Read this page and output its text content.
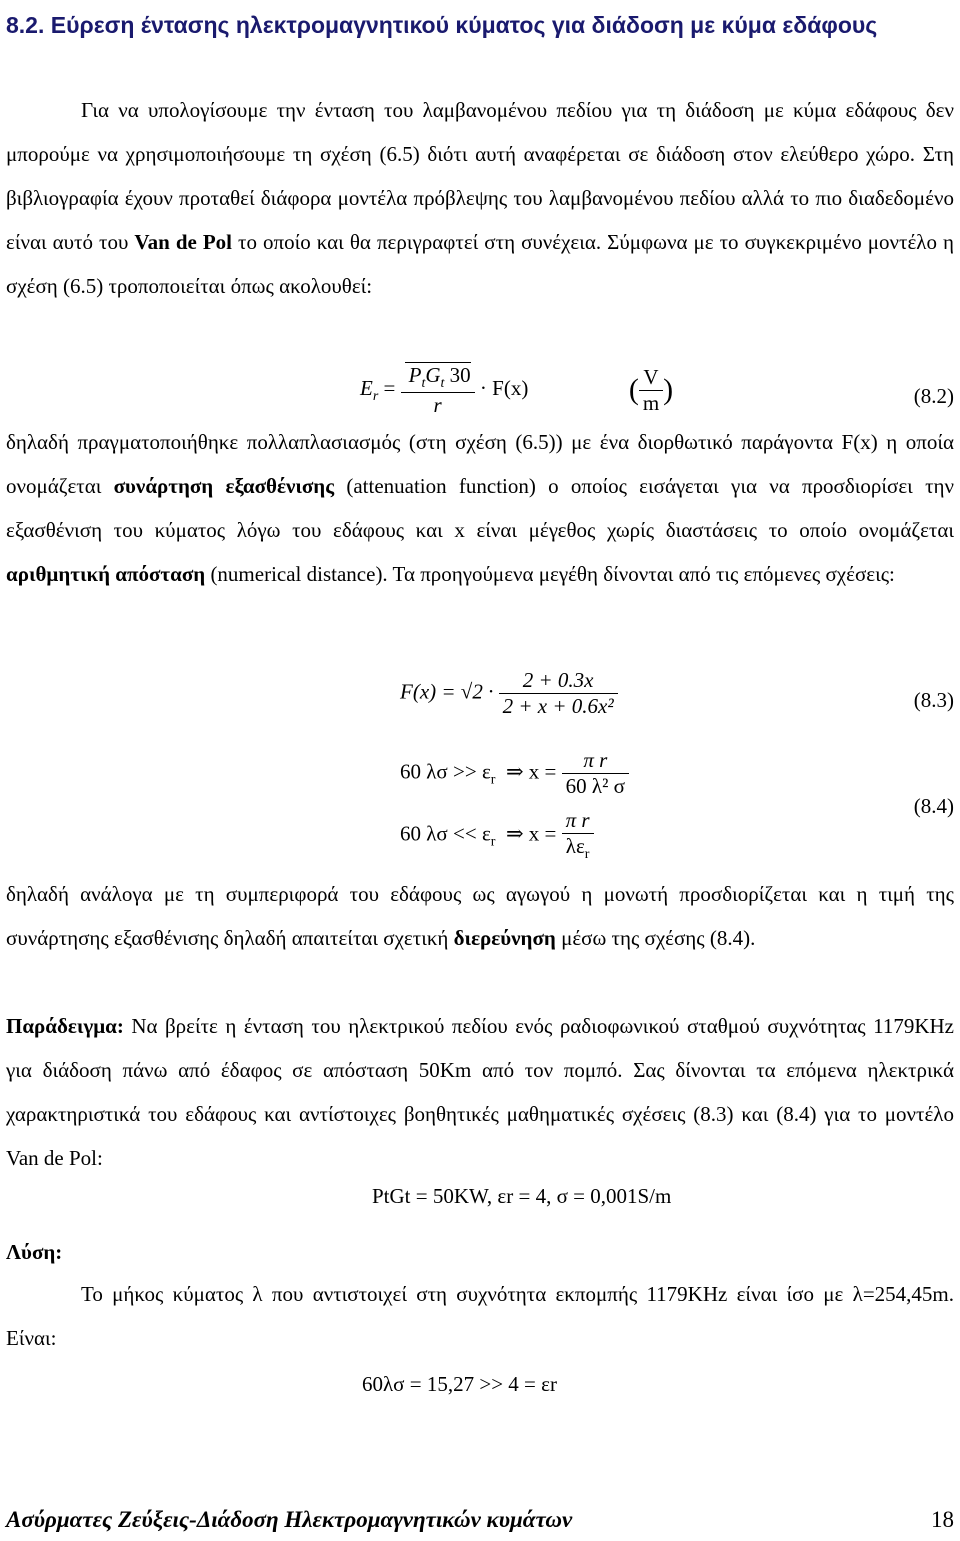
8.2. Εύρεση έντασης ηλεκτρομαγνητικού κύματος για διάδοση με κύμα εδάφους

Για να υπολογίσουμε την ένταση του λαμβανομένου πεδίου για τη διάδοση με κύμα εδάφους δεν μπορούμε να χρησιμοποιήσουμε τη σχέση (6.5) διότι αυτή αναφέρεται σε διάδοση στον ελεύθερο χώρο. Στη βιβλιογραφία έχουν προταθεί διάφορα μοντέλα πρόβλεψης του λαμβανομένου πεδίου αλλά το πιο διαδεδομένο είναι αυτό του Van de Pol το οποίο και θα περιγραφτεί στη συνέχεια. Σύμφωνα με το συγκεκριμένο μοντέλο η σχέση (6.5) τροποποιείται όπως ακολουθεί:

$E_r = \frac{P_tG_t 30}{r} \cdot F(x)$	( $\frac{V}{m}$ )	(8.2)

δηλαδή πραγματοποιήθηκε πολλαπλασιασμός (στη σχέση (6.5)) με ένα διορθωτικό παράγοντα F(x) η οποία ονομάζεται συνάρτηση εξασθένισης (attenuation function) ο οποίος εισάγεται για να προσδιορίσει την εξασθένιση του κύματος λόγω του εδάφους και x είναι μέγεθος χωρίς διαστάσεις το οποίο ονομάζεται αριθμητική απόσταση (numerical distance). Τα προηγούμενα μεγέθη δίνονται από τις επόμενες σχέσεις:

$F(x) = √2 \cdot \frac{2 + 0.3x}{\text{2 + x + 0.6x²}}$	(8.3)
60 $\lambda\sigma >> \varepsilon_r$ ⇒ $x = \frac{\text{π r}}{\text{60 λ² σ}}$
60 $\lambda\sigma << \varepsilon_r$ ⇒ $x = \frac{\text{π r}}{\lambda\varepsilon_r}$
(8.4)

δηλαδή ανάλογα με τη συμπεριφορά του εδάφους ως αγωγού η μονωτή προσδιορίζεται και η τιμή της συνάρτησης εξασθένισης δηλαδή απαιτείται σχετική διερεύνηση μέσω της σχέσης (8.4).

Παράδειγμα: Να βρείτε η ένταση του ηλεκτρικού πεδίου ενός ραδιοφωνικού σταθμού συχνότητας 1179KHz για διάδοση πάνω από έδαφος σε απόσταση 50Km από τον πομπό. Σας δίνονται τα επόμενα ηλεκτρικά χαρακτηριστικά του εδάφους και αντίστοιχες βοηθητικές μαθηματικές σχέσεις (8.3) και (8.4) για το μοντέλο Van de Pol:

PtGt = 50KW, εr = 4, σ = 0,001S/m
Λύση:

Το μήκος κύματος λ που αντιστοιχεί στη συχνότητα εκπομπής 1179KHz είναι ίσο με λ=254,45m. Είναι:

60λσ = 15,27 >> 4 = εr
Ασύρματες Ζεύξεις-Διάδοση Ηλεκτρομαγνητικών κυμάτων	18
